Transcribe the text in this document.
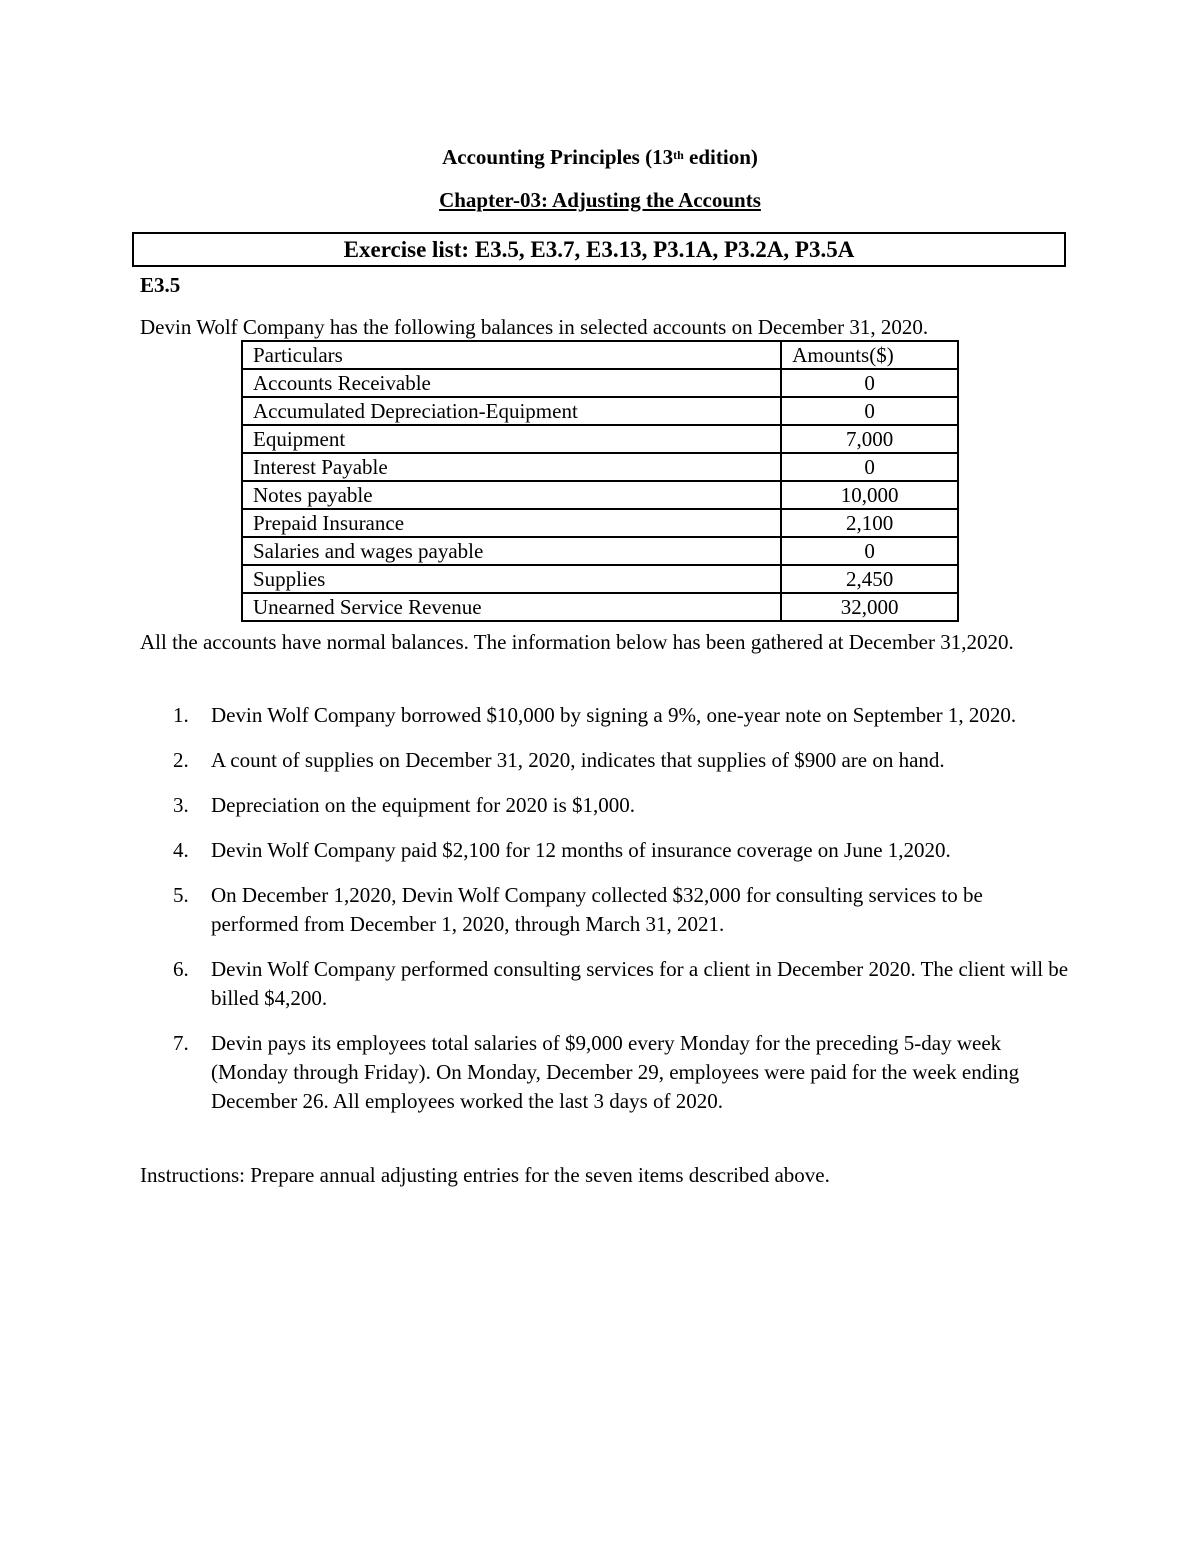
Accounting Principles (13th edition)
Chapter-03: Adjusting the Accounts
Exercise list: E3.5, E3.7, E3.13, P3.1A, P3.2A, P3.5A
E3.5
Devin Wolf Company has the following balances in selected accounts on December 31, 2020.
Particulars	Amounts($)
Accounts Receivable	0
Accumulated Depreciation-Equipment	0
Equipment	7,000
Interest Payable	0
Notes payable	10,000
Prepaid Insurance	2,100
Salaries and wages payable	0
Supplies	2,450
Unearned Service Revenue	32,000
All the accounts have normal balances. The information below has been gathered at December 31,2020.
1. Devin Wolf Company borrowed $10,000 by signing a 9%, one-year note on September 1, 2020.
2. A count of supplies on December 31, 2020, indicates that supplies of $900 are on hand.
3. Depreciation on the equipment for 2020 is $1,000.
4. Devin Wolf Company paid $2,100 for 12 months of insurance coverage on June 1,2020.
5. On December 1,2020, Devin Wolf Company collected $32,000 for consulting services to be performed from December 1, 2020, through March 31, 2021.
6. Devin Wolf Company performed consulting services for a client in December 2020. The client will be billed $4,200.
7. Devin pays its employees total salaries of $9,000 every Monday for the preceding 5-day week (Monday through Friday). On Monday, December 29, employees were paid for the week ending December 26. All employees worked the last 3 days of 2020.
Instructions: Prepare annual adjusting entries for the seven items described above.
